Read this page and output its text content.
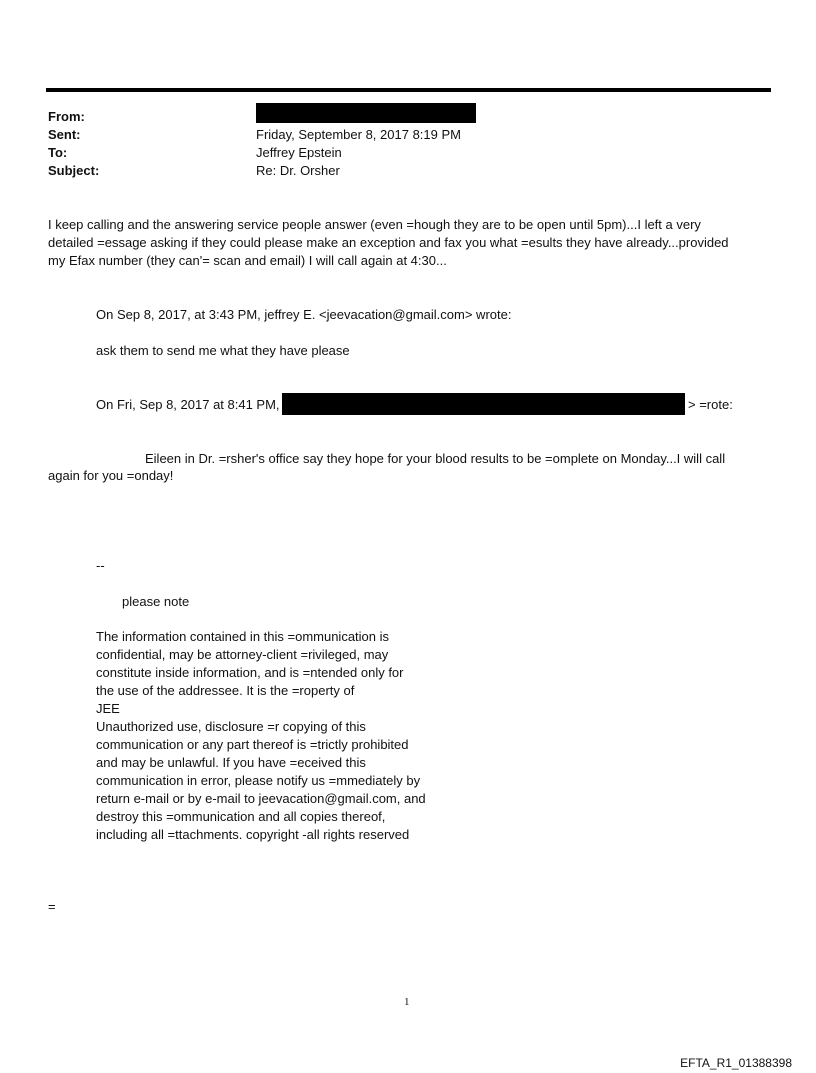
From:
Sent:	Friday, September 8, 2017 8:19 PM
To:	Jeffrey Epstein
Subject:	Re: Dr. Orsher
I keep calling and the answering service people answer (even =hough they are to be open until 5pm)...I left a very
detailed =essage asking if they could please make an exception and fax you what =esults they have already...provided
my Efax number (they can'= scan and email) I will call again at 4:30...
On Sep 8, 2017, at 3:43 PM, jeffrey E. <jeevacation@gmail.com> wrote:
ask them to send me what they have please
On Fri, Sep 8, 2017 at 8:41 PM,	> =rote:
Eileen in Dr. =rsher's office say they hope for your blood results to be =omplete on Monday...I will call
again for you =onday!
--
please note
The information contained in this =ommunication is
confidential, may be attorney-client =rivileged, may
constitute inside information, and is =ntended only for
the use of the addressee. It is the =roperty of
JEE
Unauthorized use, disclosure =r copying of this
communication or any part thereof is =trictly prohibited
and may be unlawful. If you have =eceived this
communication in error, please notify us =mmediately by
return e-mail or by e-mail to jeevacation@gmail.com, and
destroy this =ommunication and all copies thereof,
including all =ttachments. copyright -all rights reserved
=
1
EFTA_R1_01388398
